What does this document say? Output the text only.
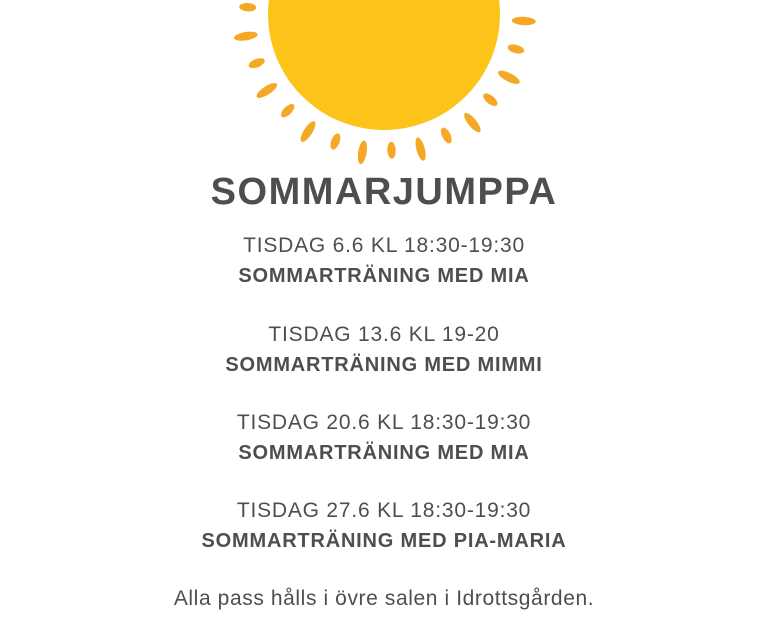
SOMMARJUMPPA
TISDAG 6.6 KL 18:30-19:30
SOMMARTRÄNING MED MIA
TISDAG 13.6 KL 19-20
SOMMARTRÄNING MED MIMMI
TISDAG 20.6 KL 18:30-19:30
SOMMARTRÄNING MED MIA
TISDAG 27.6 KL 18:30-19:30
SOMMARTRÄNING MED PIA-MARIA
Alla pass hålls i övre salen i Idrottsgården.
